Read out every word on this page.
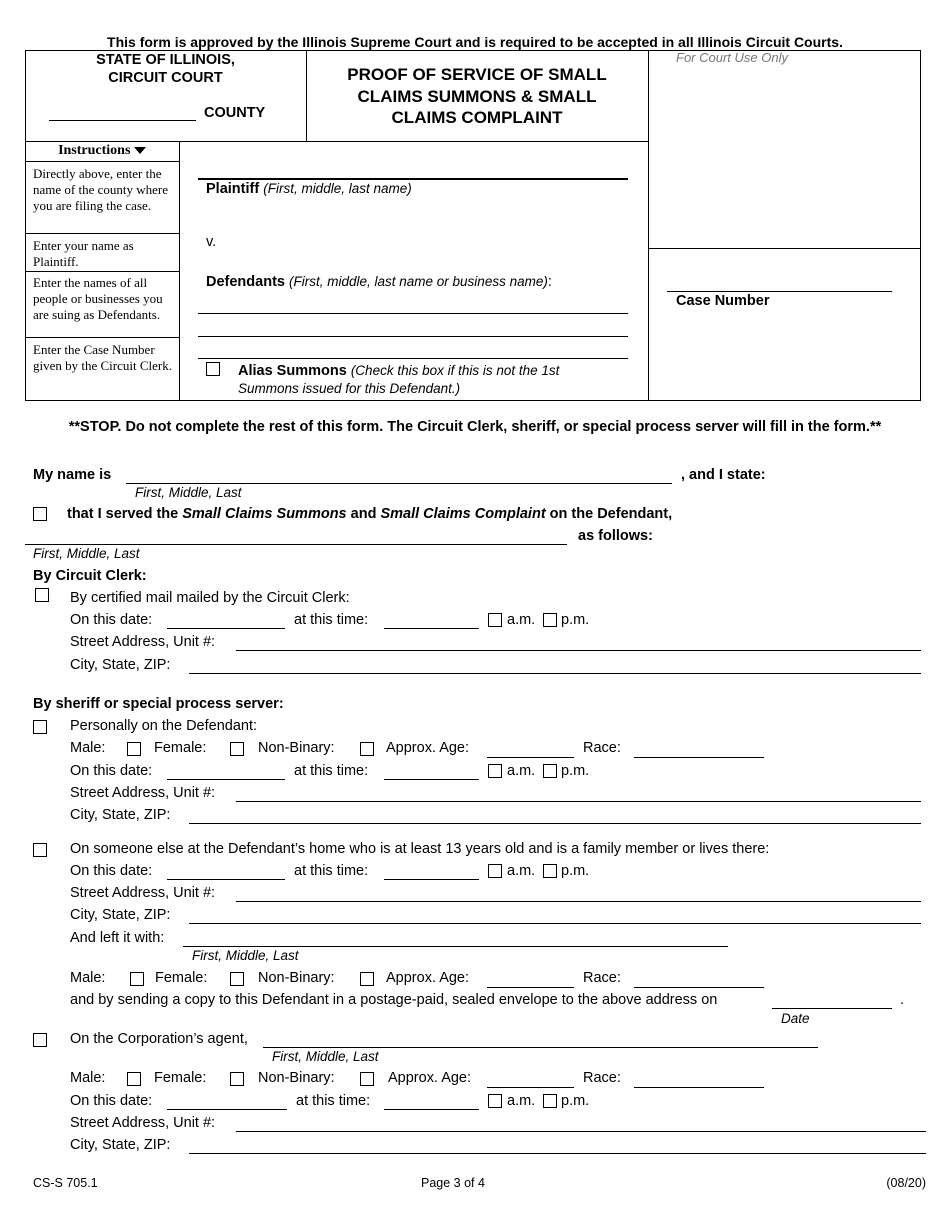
This form is approved by the Illinois Supreme Court and is required to be accepted in all Illinois Circuit Courts.
STATE OF ILLINOIS,
CIRCUIT COURT
COUNTY
PROOF OF SERVICE OF SMALL
CLAIMS SUMMONS & SMALL
CLAIMS COMPLAINT
For Court Use Only
Instructions
Directly above, enter the name of the county where you are filing the case.
Enter your name as Plaintiff.
Enter the names of all people or businesses you are suing as Defendants.
Enter the Case Number given by the Circuit Clerk.
Plaintiff (First, middle, last name)
v.
Defendants (First, middle, last name or business name):
Alias Summons (Check this box if this is not the 1st
Summons issued for this Defendant.)
Case Number
**STOP. Do not complete the rest of this form. The Circuit Clerk, sheriff, or special process server will fill in the form.**
My name is	, and I state:
First, Middle, Last
that I served the Small Claims Summons and Small Claims Complaint on the Defendant,
as follows:
First, Middle, Last
By Circuit Clerk:
By certified mail mailed by the Circuit Clerk:
On this date:	at this time:	a.m. p.m.
Street Address, Unit #:
City, State, ZIP:
By sheriff or special process server:
Personally on the Defendant:
Male:	Female:	Non-Binary:	Approx. Age:	Race:
On this date:	at this time:	a.m. p.m.
Street Address, Unit #:
City, State, ZIP:
On someone else at the Defendant’s home who is at least 13 years old and is a family member or lives there:
On this date:	at this time:	a.m. p.m.
Street Address, Unit #:
City, State, ZIP:
And left it with:
First, Middle, Last
Male:	Female:	Non-Binary:	Approx. Age:	Race:
and by sending a copy to this Defendant in a postage-paid, sealed envelope to the above address on	.
Date
On the Corporation’s agent,
First, Middle, Last
Male:	Female:	Non-Binary:	Approx. Age:	Race:
On this date:	at this time:	a.m. p.m.
Street Address, Unit #:
City, State, ZIP:
CS-S 705.1	Page 3 of 4	(08/20)
